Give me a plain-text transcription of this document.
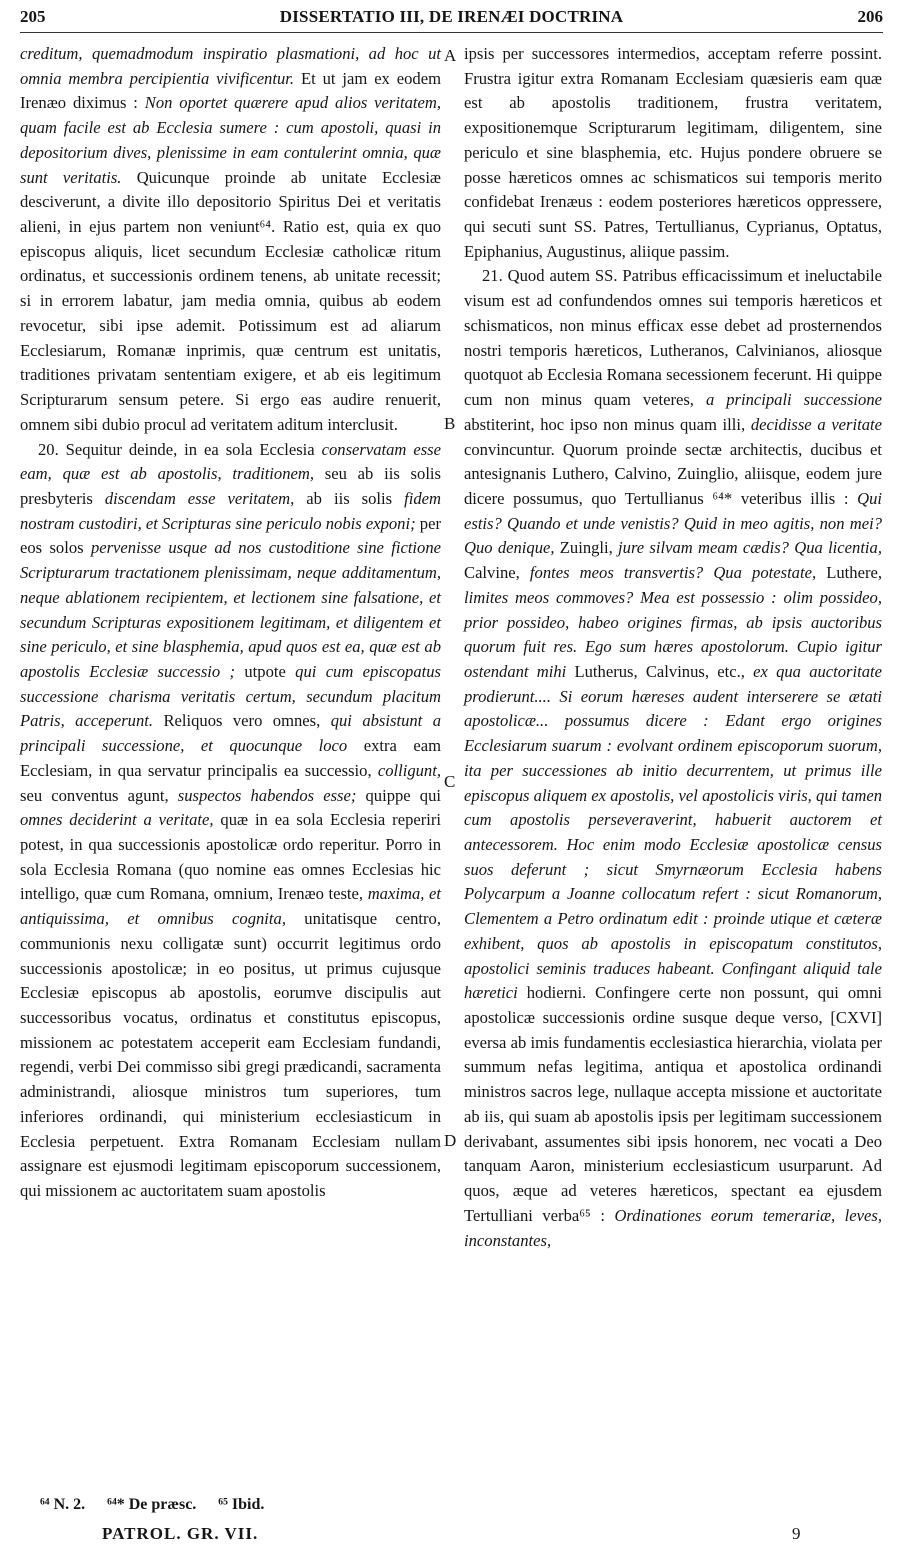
205	DISSERTATIO III, DE IRENÆI DOCTRINA	206

creditum, quemadmodum inspiratio plasmationi, ad hoc ut omnia membra percipientia vivificentur. Et ut jam ex eodem Irenæo diximus : Non oportet quærere apud alios veritatem, quam facile est ab Ecclesia sumere : cum apostoli, quasi in depositorium dives, plenissime in eam contulerint omnia, quæ sunt veritatis. Quicunque proinde ab unitate Ecclesiæ desciverunt, a divite illo depositorio Spiritus Dei et veritatis alieni, in ejus partem non veniunt⁶⁴. Ratio est, quia ex quo episcopus aliquis, licet secundum Ecclesiæ catholicæ ritum ordinatus, et successionis ordinem tenens, ab unitate recessit; si in errorem labatur, jam media omnia, quibus ab eodem revocetur, sibi ipse ademit. Potissimum est ad aliarum Ecclesiarum, Romanæ inprimis, quæ centrum est unitatis, traditiones privatam sententiam exigere, et ab eis legitimum Scripturarum sensum petere. Si ergo eas audire renuerit, omnem sibi dubio procul ad veritatem aditum interclusit.

20. Sequitur deinde, in ea sola Ecclesia conservatam esse eam, quæ est ab apostolis, traditionem, seu ab iis solis presbyteris discendam esse veritatem, ab iis solis fidem nostram custodiri, et Scripturas sine periculo nobis exponi; per eos solos pervenisse usque ad nos custoditione sine fictione Scripturarum tractationem plenissimam, neque additamentum, neque ablationem recipientem, et lectionem sine falsatione, et secundum Scripturas expositionem legitimam, et diligentem et sine periculo, et sine blasphemia, apud quos est ea, quæ est ab apostolis Ecclesiæ successio ; utpote qui cum episcopatus successione charisma veritatis certum, secundum placitum Patris, acceperunt. Reliquos vero omnes, qui absistunt a principali successione, et quocunque loco extra eam Ecclesiam, in qua servatur principalis ea successio, colligunt, seu conventus agunt, suspectos habendos esse; quippe qui omnes deciderint a veritate, quæ in ea sola Ecclesia reperiri potest, in qua successionis apostolicæ ordo reperitur. Porro in sola Ecclesia Romana (quo nomine eas omnes Ecclesias hic intelligo, quæ cum Romana, omnium, Irenæo teste, maxima, et antiquissima, et omnibus cognita, unitatisque centro, communionis nexu colligatæ sunt) occurrit legitimus ordo successionis apostolicæ; in eo positus, ut primus cujusque Ecclesiæ episcopus ab apostolis, eorumve discipulis aut successoribus vocatus, ordinatus et constitutus episcopus, missionem ac potestatem acceperit eam Ecclesiam fundandi, regendi, verbi Dei commisso sibi gregi prædicandi, sacramenta administrandi, aliosque ministros tum superiores, tum inferiores ordinandi, qui ministerium ecclesiasticum in Ecclesia perpetuent. Extra Romanam Ecclesiam nullam assignare est ejusmodi legitimam episcoporum successionem, qui missionem ac auctoritatem suam apostolis

A
B
C
D

ipsis per successores intermedios, acceptam referre possint. Frustra igitur extra Romanam Ecclesiam quæsieris eam quæ est ab apostolis traditionem, frustra veritatem, expositionemque Scripturarum legitimam, diligentem, sine periculo et sine blasphemia, etc. Hujus pondere obruere se posse hæreticos omnes ac schismaticos sui temporis merito confidebat Irenæus : eodem posteriores hæreticos oppressere, qui secuti sunt SS. Patres, Tertullianus, Cyprianus, Optatus, Epiphanius, Augustinus, aliique passim.

21. Quod autem SS. Patribus efficacissimum et ineluctabile visum est ad confundendos omnes sui temporis hæreticos et schismaticos, non minus efficax esse debet ad prosternendos nostri temporis hæreticos, Lutheranos, Calvinianos, aliosque quotquot ab Ecclesia Romana secessionem fecerunt. Hi quippe cum non minus quam veteres, a principali successione abstiterint, hoc ipso non minus quam illi, decidisse a veritate convincuntur. Quorum proinde sectæ architectis, ducibus et antesignanis Luthero, Calvino, Zuinglio, aliisque, eodem jure dicere possumus, quo Tertullianus ⁶⁴* veteribus illis : Qui estis? Quando et unde venistis? Quid in meo agitis, non mei? Quo denique, Zuingli, jure silvam meam cædis? Qua licentia, Calvine, fontes meos transvertis? Qua potestate, Luthere, limites meos commoves? Mea est possessio : olim possideo, prior possideo, habeo origines firmas, ab ipsis auctoribus quorum fuit res. Ego sum hæres apostolorum. Cupio igitur ostendant mihi Lutherus, Calvinus, etc., ex qua auctoritate prodierunt.... Si eorum hæreses audent interserere se ætati apostolicæ... possumus dicere : Edant ergo origines Ecclesiarum suarum : evolvant ordinem episcoporum suorum, ita per successiones ab initio decurrentem, ut primus ille episcopus aliquem ex apostolis, vel apostolicis viris, qui tamen cum apostolis perseveraverint, habuerit auctorem et antecessorem. Hoc enim modo Ecclesiæ apostolicæ census suos deferunt ; sicut Smyrnæorum Ecclesia habens Polycarpum a Joanne collocatum refert : sicut Romanorum, Clementem a Petro ordinatum edit : proinde utique et cæteræ exhibent, quos ab apostolis in episcopatum constitutos, apostolici seminis traduces habeant. Confingant aliquid tale hæretici hodierni. Confingere certe non possunt, qui omni apostolicæ successionis ordine susque deque verso, [CXVI] eversa ab imis fundamentis ecclesiastica hierarchia, violata per summum nefas legitima, antiqua et apostolica ordinandi ministros sacros lege, nullaque accepta missione et auctoritate ab iis, qui suam ab apostolis ipsis per legitimam successionem derivabant, assumentes sibi ipsis honorem, nec vocati a Deo tanquam Aaron, ministerium ecclesiasticum usurparunt. Ad quos, æque ad veteres hæreticos, spectant ea ejusdem Tertulliani verba⁶⁵ : Ordinationes eorum temerariæ, leves, inconstantes,

⁶⁴ N. 2. ⁶⁴* De præsc. ⁶⁵ Ibid.
PATROL. GR. VII.	9
